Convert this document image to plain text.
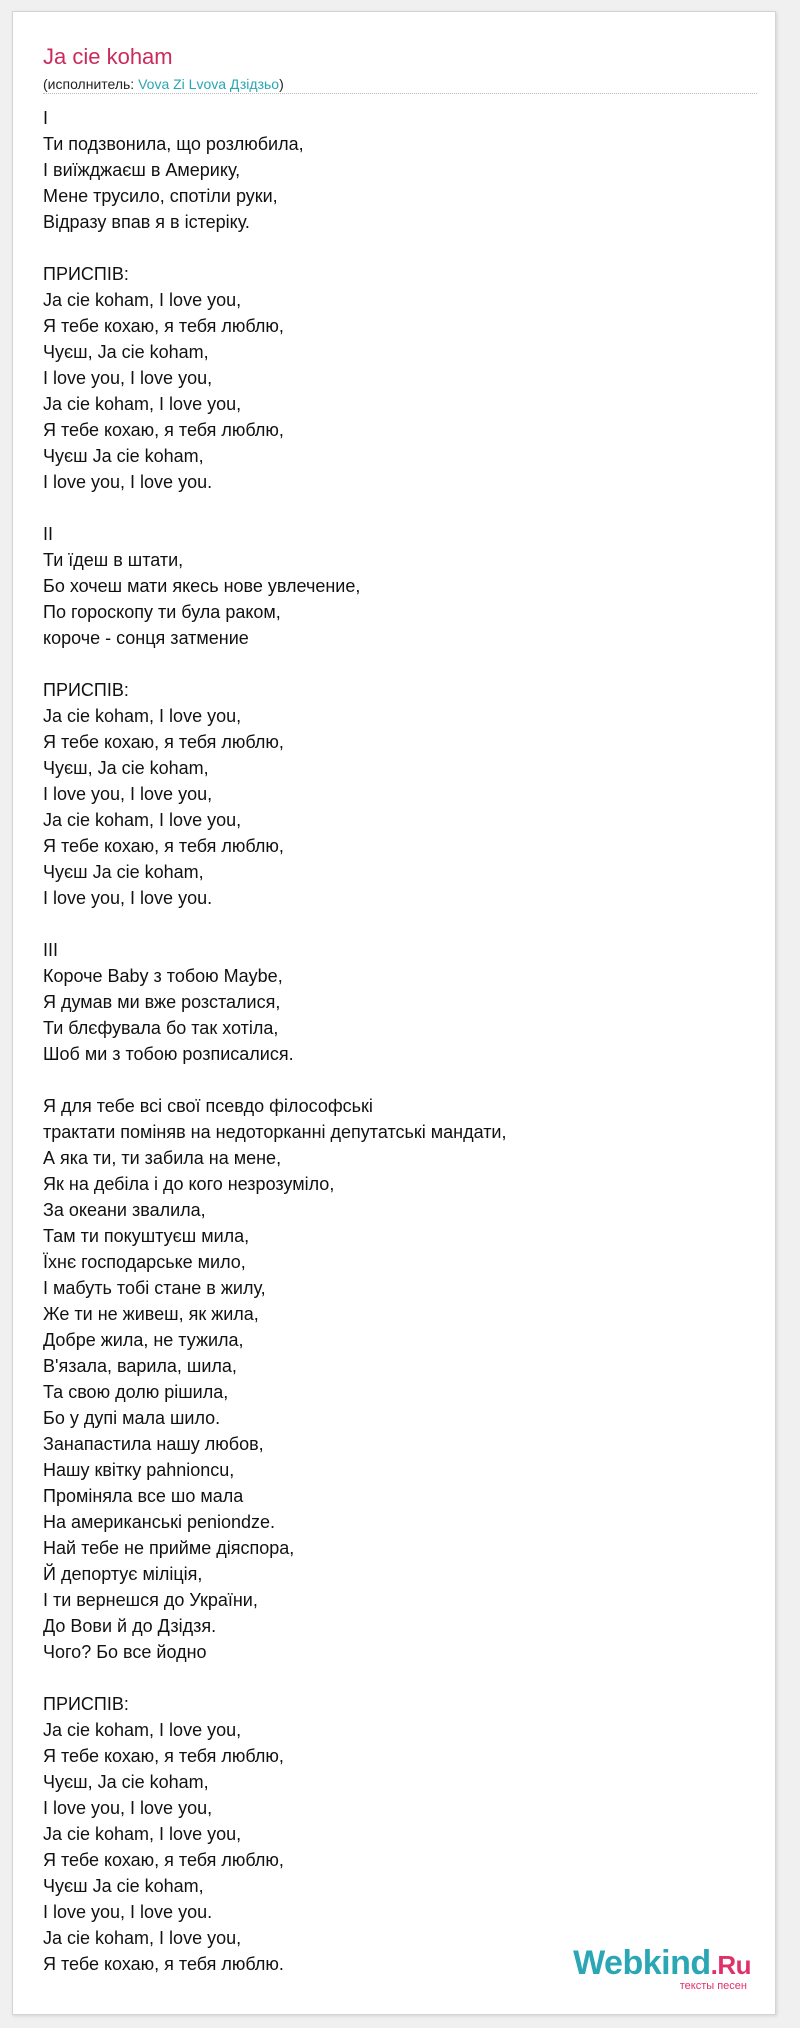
Ja cie koham
(исполнитель: Vova Zi Lvova Дзідзьо)
I
Ти подзвонила, що розлюбила,
І виїжджаєш в Америку,
Мене трусило, спотіли руки,
Відразу впав я в істеріку.
ПРИСПІВ:
Ja cie koham, I love you,
Я тебе кохаю, я тебя люблю,
Чуєш, Ja cie koham,
I love you, I love you,
Ja cie koham, I love you,
Я тебе кохаю, я тебя люблю,
Чуєш Ja cie koham,
I love you, I love you.
II
Ти їдеш в штати,
Бо хочеш мати якесь нове увлечение,
По гороскопу ти була раком,
короче - сонця затмение
ПРИСПІВ:
Ja cie koham, I love you,
Я тебе кохаю, я тебя люблю,
Чуєш, Ja cie koham,
I love you, I love you,
Ja cie koham, I love you,
Я тебе кохаю, я тебя люблю,
Чуєш Ja cie koham,
I love you, I love you.
III
Короче Baby з тобою Maybe,
Я думав ми вже розсталися,
Ти блєфувала бо так хотіла,
Шоб ми з тобою розписалися.
Я для тебе всі свої псевдо філософські
трактати поміняв на недоторканні депутатські мандати,
А яка ти, ти забила на мене,
Як на дебіла і до кого незрозуміло,
За океани звалила,
Там ти покуштуєш мила,
Їхнє господарське мило,
І мабуть тобі стане в жилу,
Же ти не живеш, як жила,
Добре жила, не тужила,
В'язала, варила, шила,
Та свою долю рішила,
Бо у дупі мала шило.
Занапастила нашу любов,
Нашу квітку pahnioncu,
Проміняла все шо мала
На американські peniondze.
Най тебе не прийме діяспора,
Й депортує міліція,
І ти вернешся до України,
До Вови й до Дзідзя.
Чого? Бо все йодно
ПРИСПІВ:
Ja cie koham, I love you,
Я тебе кохаю, я тебя люблю,
Чуєш, Ja cie koham,
I love you, I love you,
Ja cie koham, I love you,
Я тебе кохаю, я тебя люблю,
Чуєш Ja cie koham,
I love you, I love you.
Ja cie koham, I love you,
Я тебе кохаю, я тебя люблю.	Webkind.Ru
тексты песен
